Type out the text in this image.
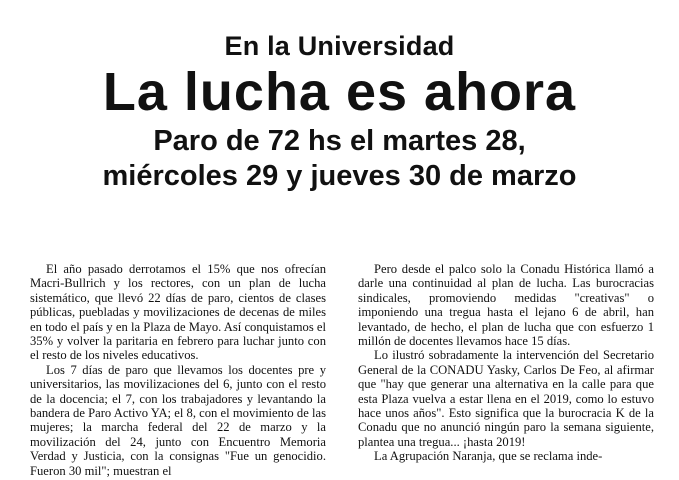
En la Universidad
La lucha es ahora
Paro de 72 hs el martes 28,
miércoles 29 y jueves 30 de marzo

El año pasado derrotamos el 15% que nos ofrecían Macri-Bullrich y los rectores, con un plan de lucha sistemático, que llevó 22 días de paro, cientos de clases públicas, puebladas y movilizaciones de decenas de miles en todo el país y en la Plaza de Mayo. Así conquistamos el 35% y volver la paritaria en febrero para luchar junto con el resto de los niveles educativos.

Los 7 días de paro que llevamos los docentes pre y universitarios, las movilizaciones del 6, junto con el resto de la docencia; el 7, con los trabajadores y levantando la bandera de Paro Activo YA; el 8, con el movimiento de las mujeres; la marcha federal del 22 de marzo y la movilización del 24, junto con Encuentro Memoria Verdad y Justicia, con la consignas "Fue un genocidio. Fueron 30 mil"; muestran el

Pero desde el palco solo la Conadu Histórica llamó a darle una continuidad al plan de lucha. Las burocracias sindicales, promoviendo medidas "creativas" o imponiendo una tregua hasta el lejano 6 de abril, han levantado, de hecho, el plan de lucha que con esfuerzo 1 millón de docentes llevamos hace 15 días.

Lo ilustró sobradamente la intervención del Secretario General de la CONADU Yasky, Carlos De Feo, al afirmar que "hay que generar una alternativa en la calle para que esta Plaza vuelva a estar llena en el 2019, como lo estuvo hace unos años". Esto significa que la burocracia K de la Conadu que no anunció ningún paro la semana siguiente, plantea una tregua... ¡hasta 2019!

La Agrupación Naranja, que se reclama inde-
